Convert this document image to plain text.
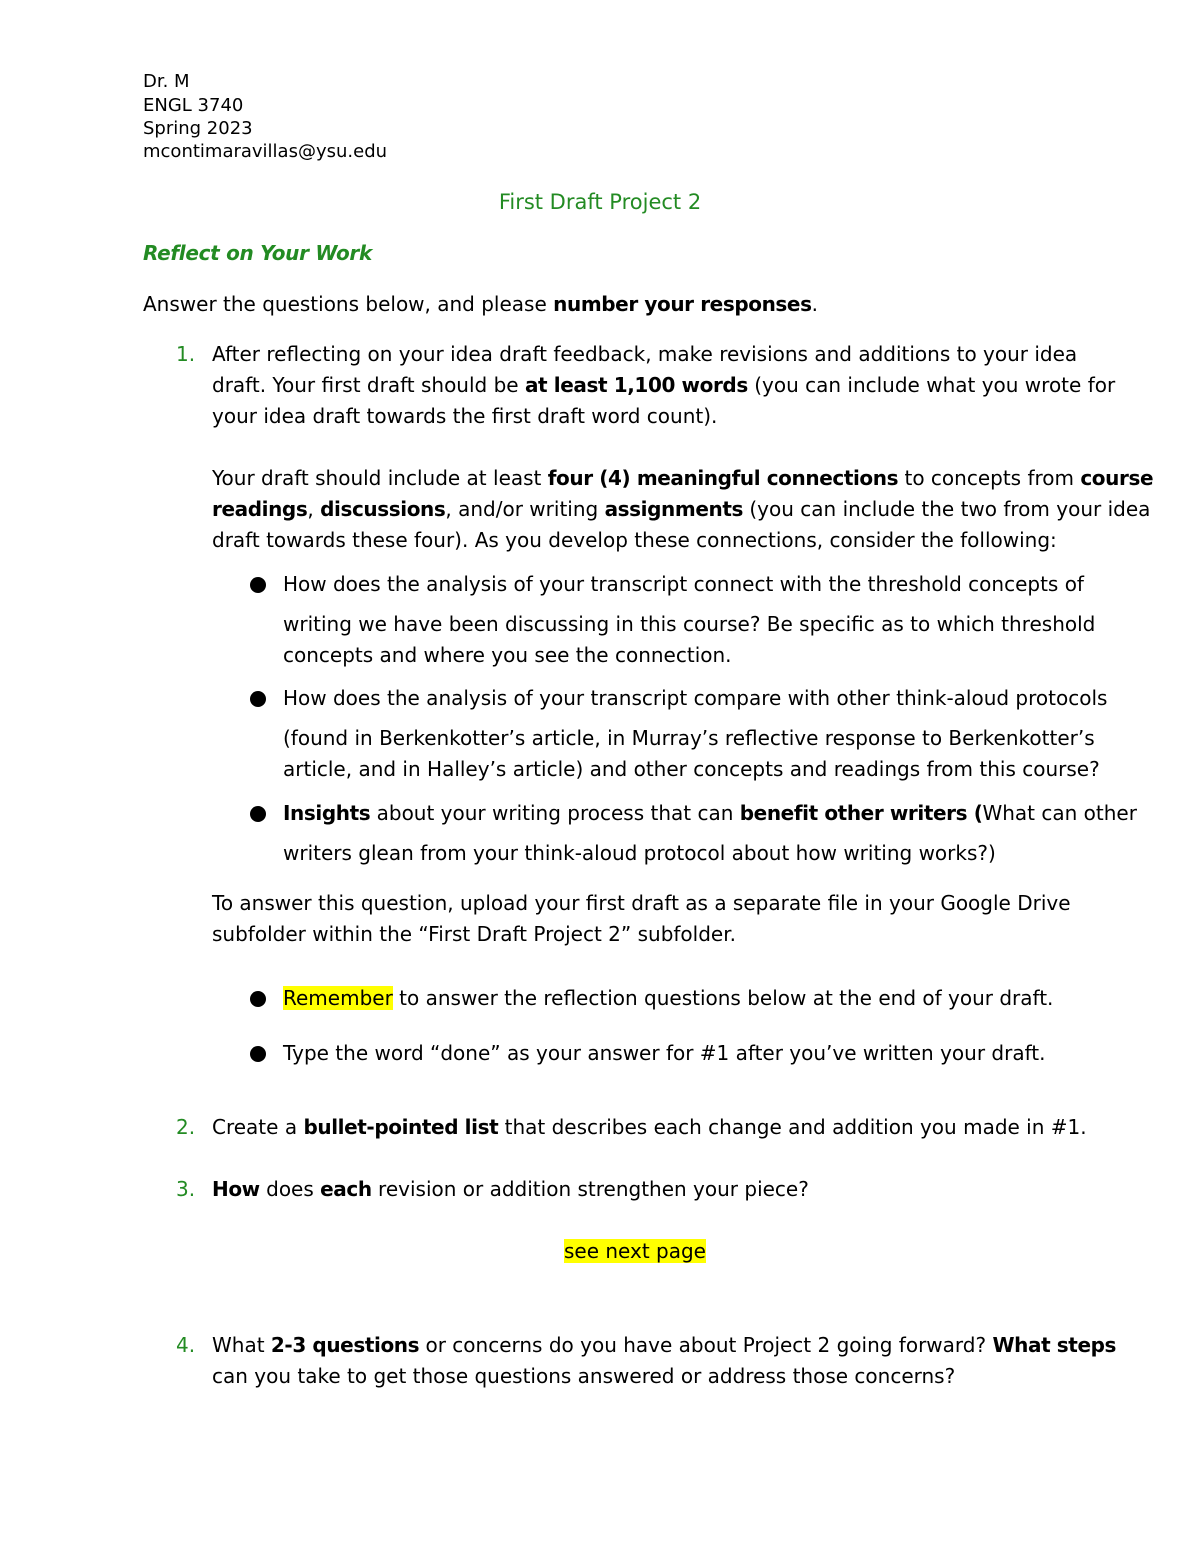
Dr. M
ENGL 3740
Spring 2023
mcontimaravillas@ysu.edu
First Draft Project 2
Reflect on Your Work
Answer the questions below, and please number your responses.
1. After reflecting on your idea draft feedback, make revisions and additions to your idea
draft. Your first draft should be at least 1,100 words (you can include what you wrote for
your idea draft towards the first draft word count).
Your draft should include at least four (4) meaningful connections to concepts from course
readings, discussions, and/or writing assignments (you can include the two from your idea
draft towards these four). As you develop these connections, consider the following:
How does the analysis of your transcript connect with the threshold concepts of
writing we have been discussing in this course? Be specific as to which threshold
concepts and where you see the connection.
How does the analysis of your transcript compare with other think-aloud protocols
(found in Berkenkotter’s article, in Murray’s reflective response to Berkenkotter’s
article, and in Halley’s article) and other concepts and readings from this course?
Insights about your writing process that can benefit other writers (What can other
writers glean from your think-aloud protocol about how writing works?)
To answer this question, upload your first draft as a separate file in your Google Drive
subfolder within the “First Draft Project 2” subfolder.
Remember to answer the reflection questions below at the end of your draft.
Type the word “done” as your answer for #1 after you’ve written your draft.
2. Create a bullet-pointed list that describes each change and addition you made in #1.
3. How does each revision or addition strengthen your piece?
see next page
4. What 2-3 questions or concerns do you have about Project 2 going forward? What steps
can you take to get those questions answered or address those concerns?
